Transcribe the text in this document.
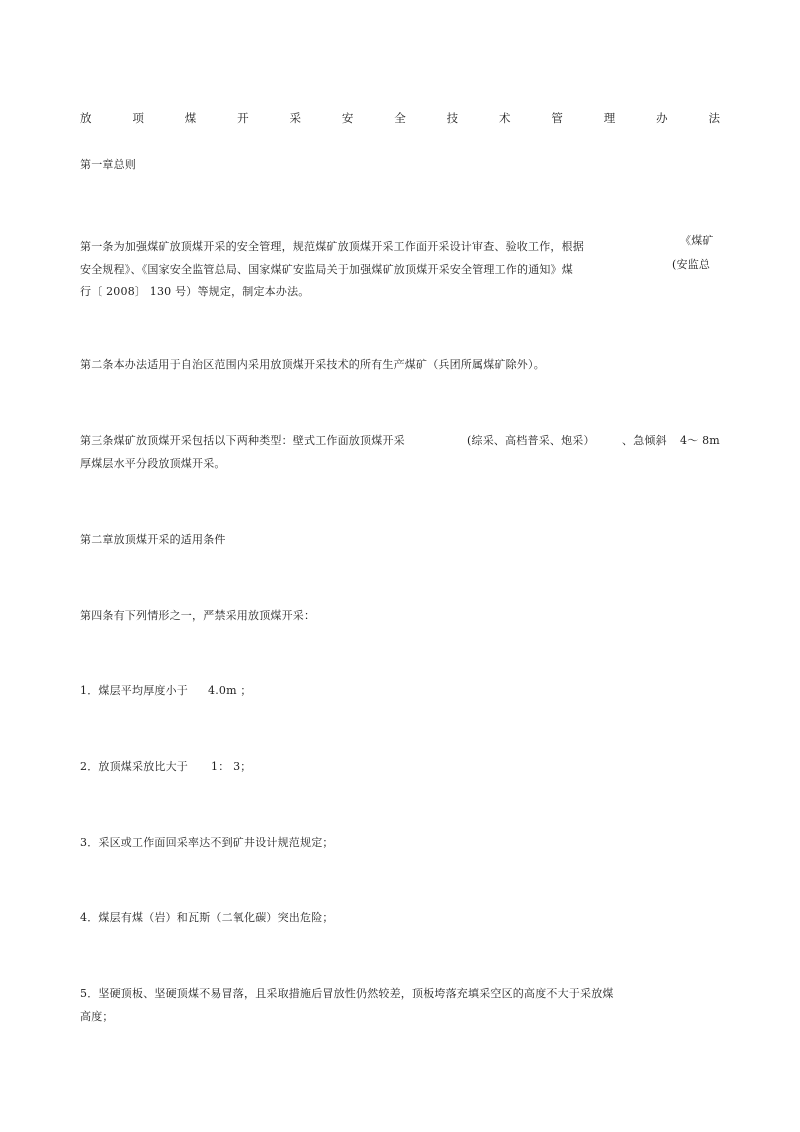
放	项	煤	开	采	安	全	技	术	管	理	办	法
第一章总则
第一条为加强煤矿放顶煤开采的安全管理，规范煤矿放顶煤开采工作面开采设计审查、验收工作，根据	《煤矿
安全规程》、《国家安全监管总局、国家煤矿安监局关于加强煤矿放顶煤开采安全管理工作的通知》煤	(安监总
行〔 2008〕 130 号）等规定，制定本办法。
第二条本办法适用于自治区范围内采用放顶煤开采技术的所有生产煤矿（兵团所属煤矿除外）。
第三条煤矿放顶煤开采包括以下两种类型：壁式工作面放顶煤开采	(综采、高档普采、炮采） 、急倾斜 4～ 8m
厚煤层水平分段放顶煤开采。
第二章放顶煤开采的适用条件
第四条有下列情形之一，严禁采用放顶煤开采：
1．煤层平均厚度小于 4.0m ；
2．放顶煤采放比大于 1： 3；
3．采区或工作面回采率达不到矿井设计规范规定；
4．煤层有煤（岩）和瓦斯（二氧化碳）突出危险；
5．坚硬顶板、坚硬顶煤不易冒落，且采取措施后冒放性仍然较差，顶板垮落充填采空区的高度不大于采放煤
高度；
